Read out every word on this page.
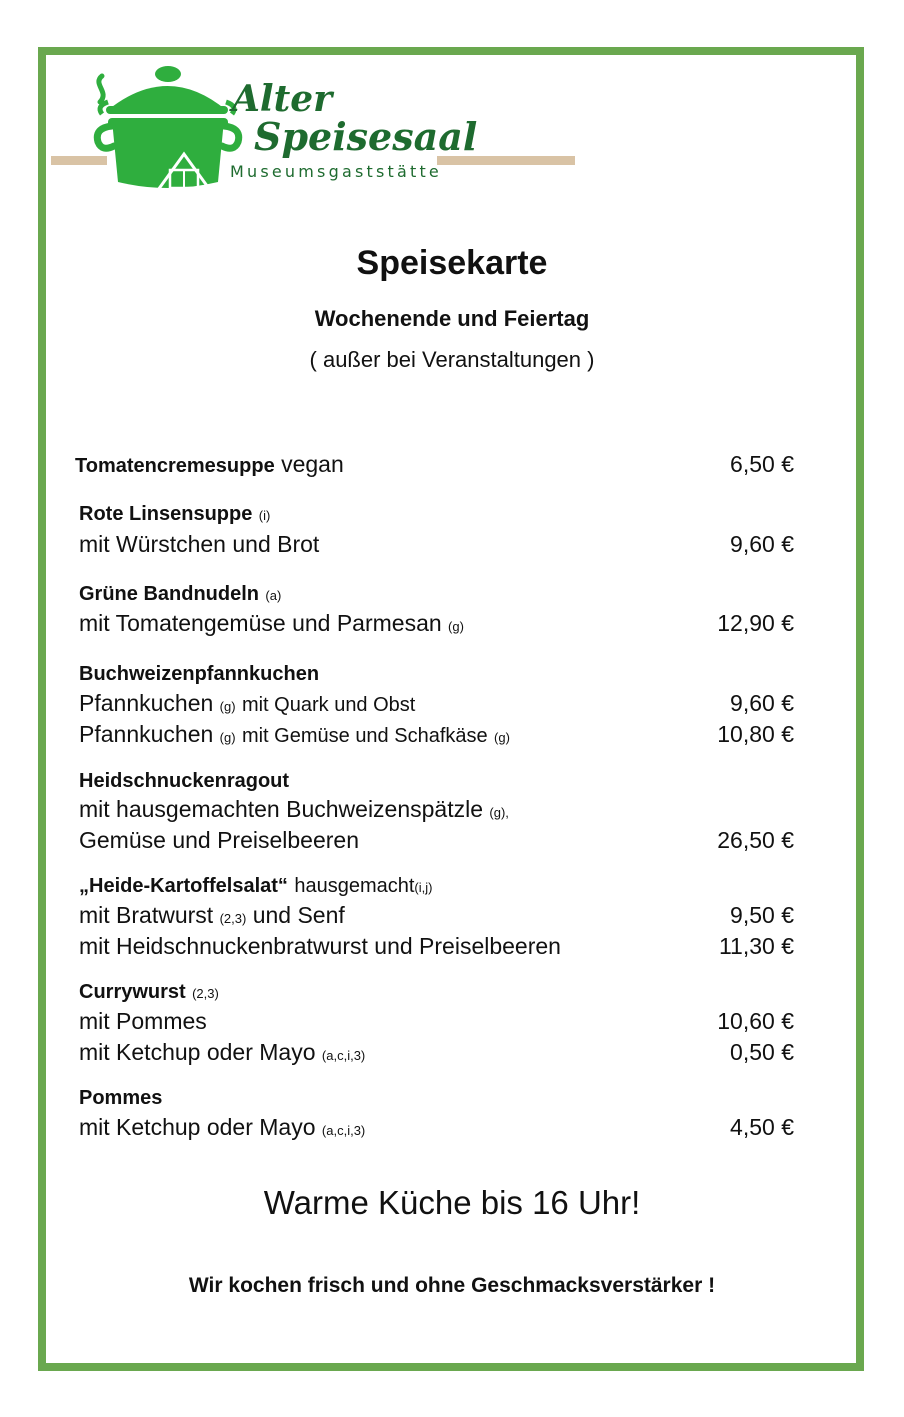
Alter
Speisesaal
Museumsgaststätte
Speisekarte
Wochenende und Feiertag
( außer bei Veranstaltungen )
Tomatencremesuppe vegan	6,50 €
Rote Linsensuppe (i)
mit Würstchen und Brot	9,60 €
Grüne Bandnudeln (a)
mit Tomatengemüse und Parmesan (g)	12,90 €
Buchweizenpfannkuchen
Pfannkuchen (g) mit Quark und Obst	9,60 €
Pfannkuchen (g) mit Gemüse und Schafkäse (g)	10,80 €
Heidschnuckenragout
mit hausgemachten Buchweizenspätzle (g),
Gemüse und Preiselbeeren	26,50 €
„Heide-Kartoffelsalat“ hausgemacht(i,j)
mit Bratwurst (2,3) und Senf	9,50 €
mit Heidschnuckenbratwurst und Preiselbeeren	11,30 €
Currywurst (2,3)
mit Pommes	10,60 €
mit Ketchup oder Mayo (a,c,i,3)	0,50 €
Pommes
mit Ketchup oder Mayo (a,c,i,3)	4,50 €
Warme Küche bis 16 Uhr!
Wir kochen frisch und ohne Geschmacksverstärker !
